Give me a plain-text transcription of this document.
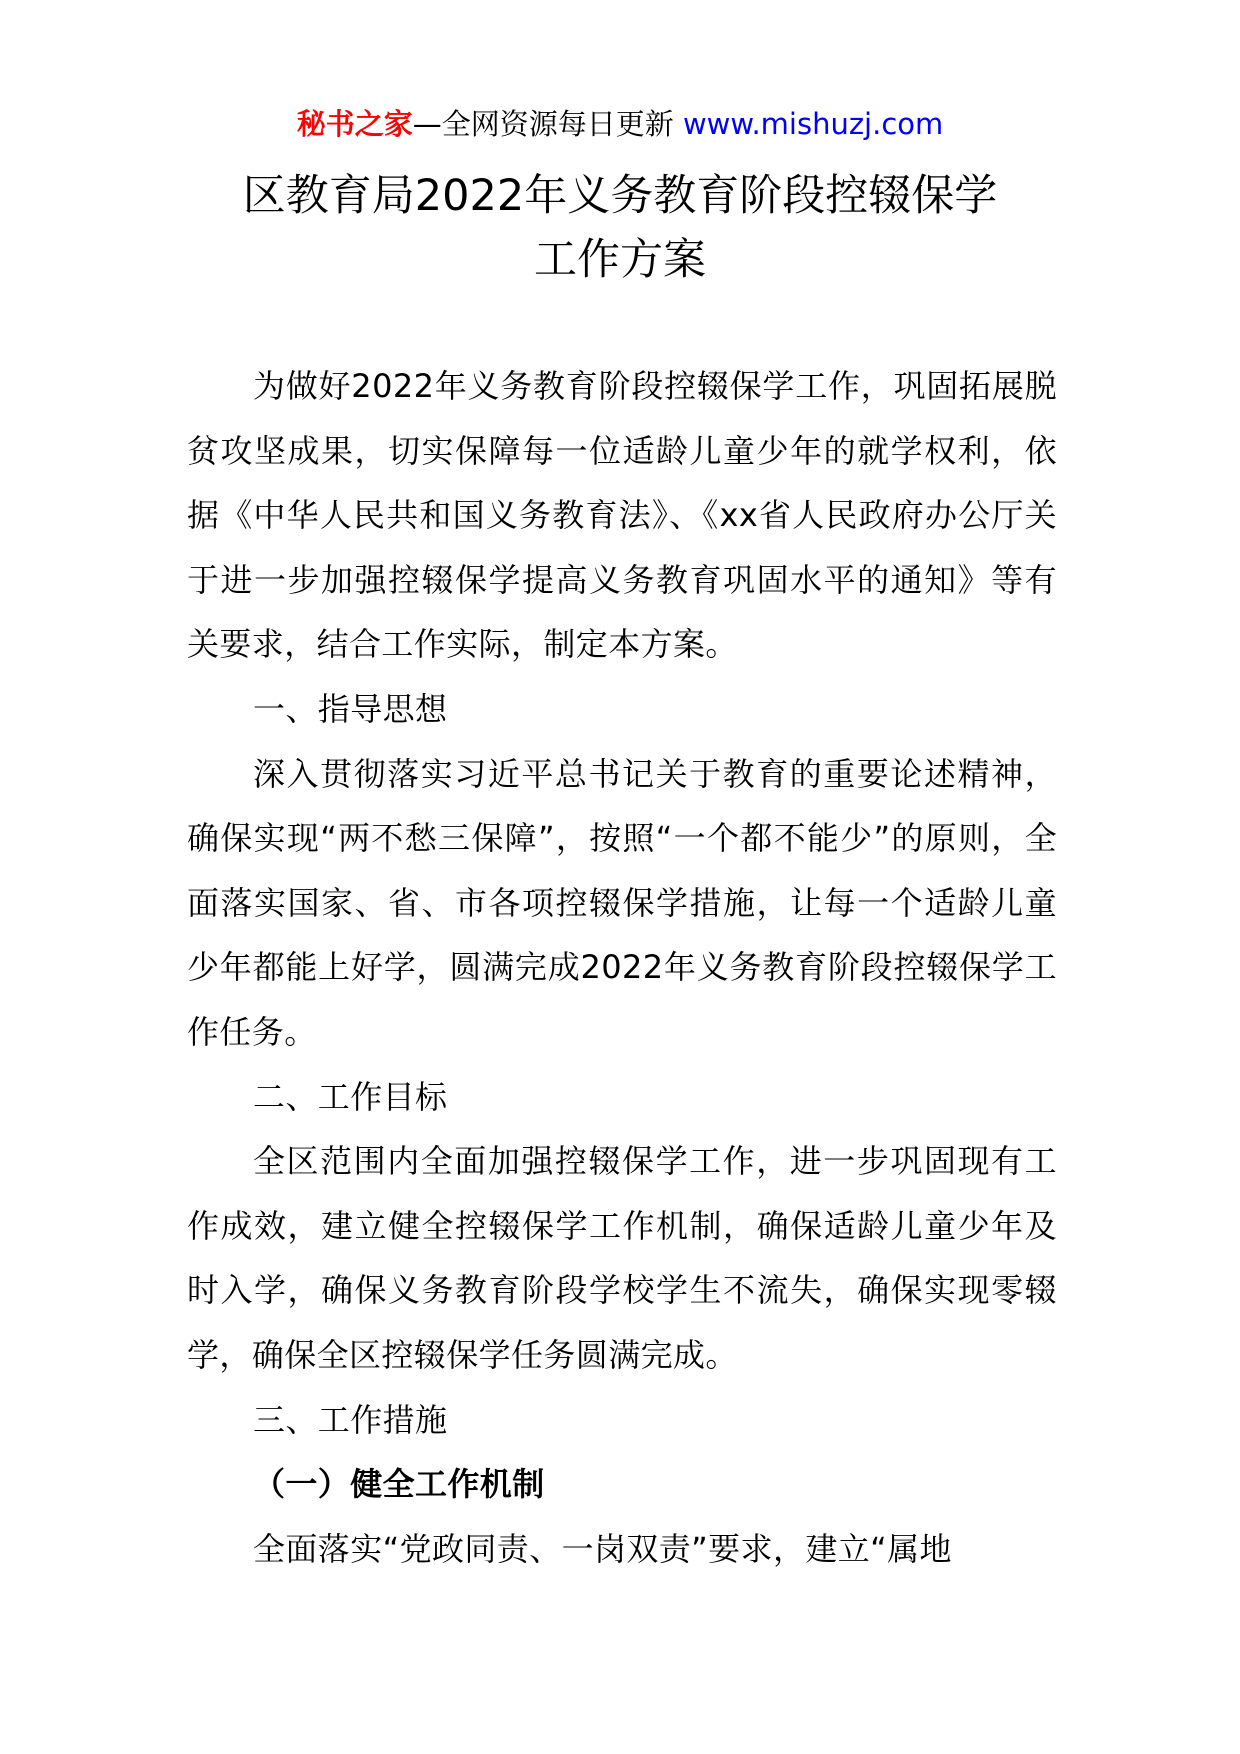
秘书之家—全网资源每日更新 www.mishuzj.com
区教育局2022年义务教育阶段控辍保学
工作方案

为做好2022年义务教育阶段控辍保学工作，巩固拓展脱贫攻坚成果，切实保障每一位适龄儿童少年的就学权利，依据《中华人民共和国义务教育法》、《xx省人民政府办公厅关于进一步加强控辍保学提高义务教育巩固水平的通知》等有关要求，结合工作实际，制定本方案。

一、指导思想

深入贯彻落实习近平总书记关于教育的重要论述精神，确保实现“两不愁三保障”，按照“一个都不能少”的原则，全面落实国家、省、市各项控辍保学措施，让每一个适龄儿童少年都能上好学，圆满完成2022年义务教育阶段控辍保学工作任务。

二、工作目标

全区范围内全面加强控辍保学工作，进一步巩固现有工作成效，建立健全控辍保学工作机制，确保适龄儿童少年及时入学，确保义务教育阶段学校学生不流失，确保实现零辍学，确保全区控辍保学任务圆满完成。

三、工作措施

（一）健全工作机制

全面落实“党政同责、一岗双责”要求，建立“属地
